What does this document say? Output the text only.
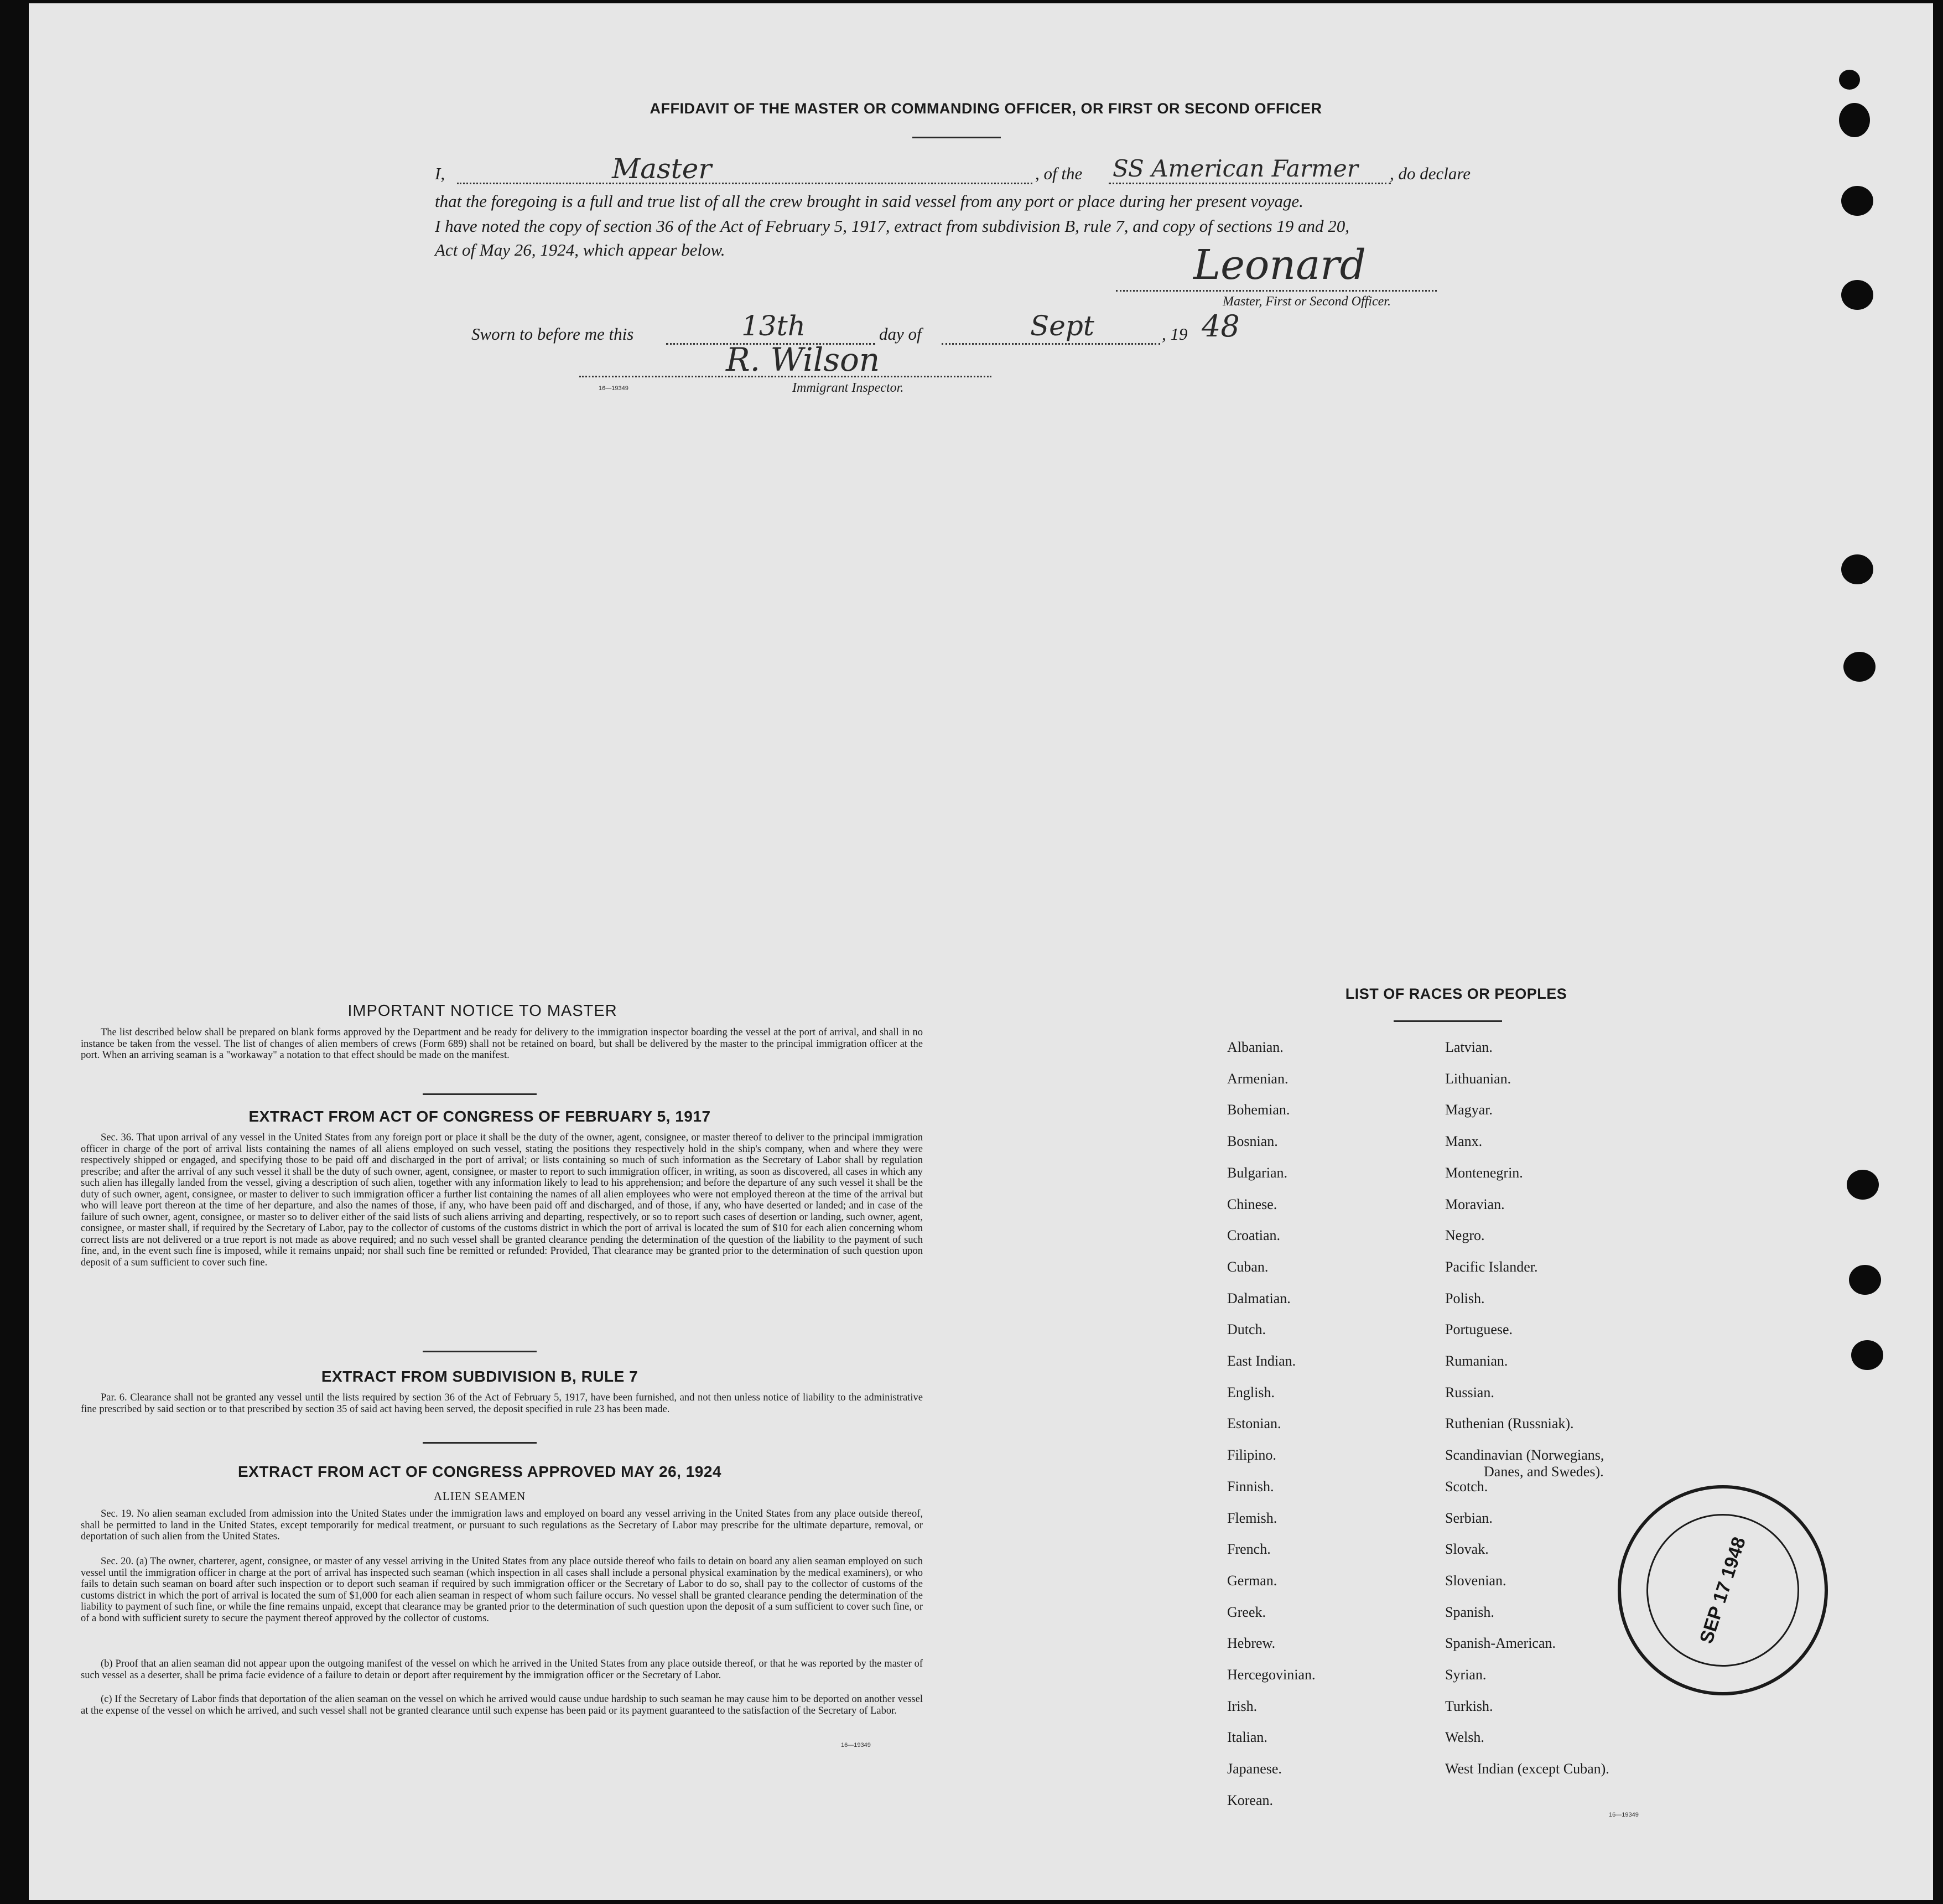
AFFIDAVIT OF THE MASTER OR COMMANDING OFFICER, OR FIRST OR SECOND OFFICER
I,	Master	, of the SS American Farmer , do declare
that the foregoing is a full and true list of all the crew brought in said vessel from any port or place during her present voyage.
I have noted the copy of section 36 of the Act of February 5, 1917, extract from subdivision B, rule 7, and copy of sections 19 and 20,
Act of May 26, 1924, which appear below.	Leonard
Master, First or Second Officer.
Sworn to before me this	13th	day of	Sept	, 19 48
R. Wilson
16—19349	Immigrant Inspector.
IMPORTANT NOTICE TO MASTER
The list described below shall be prepared on blank forms approved by the Department and be ready for delivery to the immigration inspector boarding the vessel at the port of arrival, and shall in no instance be taken from the vessel. The list of changes of alien members of crews (Form 689) shall not be retained on board, but shall be delivered by the master to the principal immigration officer at the port. When an arriving seaman is a "workaway" a notation to that effect should be made on the manifest.
EXTRACT FROM ACT OF CONGRESS OF FEBRUARY 5, 1917
Sec. 36. That upon arrival of any vessel in the United States from any foreign port or place it shall be the duty of the owner, agent, consignee, or master thereof to deliver to the principal immigration officer in charge of the port of arrival lists containing the names of all aliens employed on such vessel, stating the positions they respectively hold in the ship's company, when and where they were respectively shipped or engaged, and specifying those to be paid off and discharged in the port of arrival; or lists containing so much of such information as the Secretary of Labor shall by regulation prescribe; and after the arrival of any such vessel it shall be the duty of such owner, agent, consignee, or master to report to such immigration officer, in writing, as soon as discovered, all cases in which any such alien has illegally landed from the vessel, giving a description of such alien, together with any information likely to lead to his apprehension; and before the departure of any such vessel it shall be the duty of such owner, agent, consignee, or master to deliver to such immigration officer a further list containing the names of all alien employees who were not employed thereon at the time of the arrival but who will leave port thereon at the time of her departure, and also the names of those, if any, who have been paid off and discharged, and of those, if any, who have deserted or landed; and in case of the failure of such owner, agent, consignee, or master so to deliver either of the said lists of such aliens arriving and departing, respectively, or so to report such cases of desertion or landing, such owner, agent, consignee, or master shall, if required by the Secretary of Labor, pay to the collector of customs of the customs district in which the port of arrival is located the sum of $10 for each alien concerning whom correct lists are not delivered or a true report is not made as above required; and no such vessel shall be granted clearance pending the determination of the question of the liability to the payment of such fine, and, in the event such fine is imposed, while it remains unpaid; nor shall such fine be remitted or refunded: Provided, That clearance may be granted prior to the determination of such question upon deposit of a sum sufficient to cover such fine.
EXTRACT FROM SUBDIVISION B, RULE 7
Par. 6. Clearance shall not be granted any vessel until the lists required by section 36 of the Act of February 5, 1917, have been furnished, and not then unless notice of liability to the administrative fine prescribed by said section or to that prescribed by section 35 of said act having been served, the deposit specified in rule 23 has been made.
EXTRACT FROM ACT OF CONGRESS APPROVED MAY 26, 1924
ALIEN SEAMEN
Sec. 19. No alien seaman excluded from admission into the United States under the immigration laws and employed on board any vessel arriving in the United States from any place outside thereof, shall be permitted to land in the United States, except temporarily for medical treatment, or pursuant to such regulations as the Secretary of Labor may prescribe for the ultimate departure, removal, or deportation of such alien from the United States.
Sec. 20. (a) The owner, charterer, agent, consignee, or master of any vessel arriving in the United States from any place outside thereof who fails to detain on board any alien seaman employed on such vessel until the immigration officer in charge at the port of arrival has inspected such seaman (which inspection in all cases shall include a personal physical examination by the medical examiners), or who fails to detain such seaman on board after such inspection or to deport such seaman if required by such immigration officer or the Secretary of Labor to do so, shall pay to the collector of customs of the customs district in which the port of arrival is located the sum of $1,000 for each alien seaman in respect of whom such failure occurs. No vessel shall be granted clearance pending the determination of the liability to payment of such fine, or while the fine remains unpaid, except that clearance may be granted prior to the determination of such question upon the deposit of a sum sufficient to cover such fine, or of a bond with sufficient surety to secure the payment thereof approved by the collector of customs.
(b) Proof that an alien seaman did not appear upon the outgoing manifest of the vessel on which he arrived in the United States from any place outside thereof, or that he was reported by the master of such vessel as a deserter, shall be prima facie evidence of a failure to detain or deport after requirement by the immigration officer or the Secretary of Labor.
(c) If the Secretary of Labor finds that deportation of the alien seaman on the vessel on which he arrived would cause undue hardship to such seaman he may cause him to be deported on another vessel at the expense of the vessel on which he arrived, and such vessel shall not be granted clearance until such expense has been paid or its payment guaranteed to the satisfaction of the Secretary of Labor.
16—19349
LIST OF RACES OR PEOPLES
16—19349
SEP 17 1948
Albanian.
Armenian.
Bohemian.
Bosnian.
Bulgarian.
Chinese.
Croatian.
Cuban.
Dalmatian.
Dutch.
East Indian.
English.
Estonian.
Filipino.
Finnish.
Flemish.
French.
German.
Greek.
Hebrew.
Hercegovinian.
Irish.
Italian.
Japanese.
Korean.
Latvian.
Lithuanian.
Magyar.
Manx.
Montenegrin.
Moravian.
Negro.
Pacific Islander.
Polish.
Portuguese.
Rumanian.
Russian.
Ruthenian (Russniak).
Scandinavian (Norwegians,
Danes, and Swedes).
Scotch.
Serbian.
Slovak.
Slovenian.
Spanish.
Spanish-American.
Syrian.
Turkish.
Welsh.
West Indian (except Cuban).
